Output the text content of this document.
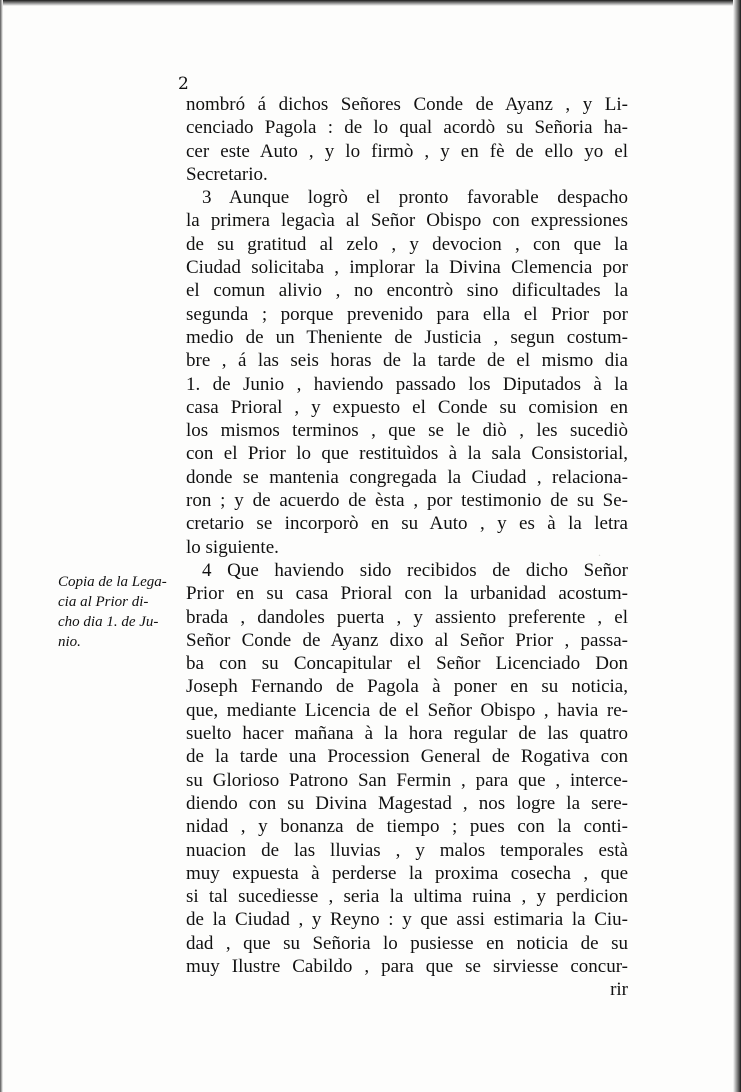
.
2
nombró á dichos Señores Conde de Ayanz , y Li-
cenciado Pagola : de lo qual acordò su Señoria ha-
cer este Auto , y lo firmò , y en fè de ello yo el
Secretario.
3 Aunque logrò el pronto favorable despacho
la primera legacìa al Señor Obispo con expressiones
de su gratitud al zelo , y devocion , con que la
Ciudad solicitaba , implorar la Divina Clemencia por
el comun alivio , no encontrò sino dificultades la
segunda ; porque prevenido para ella el Prior por
medio de un Theniente de Justicia , segun costum-
bre , á las seis horas de la tarde de el mismo dia
1. de Junio , haviendo passado los Diputados à la
casa Prioral , y expuesto el Conde su comision en
los mismos terminos , que se le diò , les sucediò
con el Prior lo que restituìdos à la sala Consistorial,
donde se mantenia congregada la Ciudad , relaciona-
ron ; y de acuerdo de èsta , por testimonio de su Se-
cretario se incorporò en su Auto , y es à la letra
lo siguiente.
4 Que haviendo sido recibidos de dicho Señor
Prior en su casa Prioral con la urbanidad acostum-
brada , dandoles puerta , y assiento preferente , el
Señor Conde de Ayanz dixo al Señor Prior , passa-
ba con su Concapitular el Señor Licenciado Don
Joseph Fernando de Pagola à poner en su noticia,
que, mediante Licencia de el Señor Obispo , havia re-
suelto hacer mañana à la hora regular de las quatro
de la tarde una Procession General de Rogativa con
su Glorioso Patrono San Fermin , para que , interce-
diendo con su Divina Magestad , nos logre la sere-
nidad , y bonanza de tiempo ; pues con la conti-
nuacion de las lluvias , y malos temporales està
muy expuesta à perderse la proxima cosecha , que
si tal sucediesse , seria la ultima ruina , y perdicion
de la Ciudad , y Reyno : y que assi estimaria la Ciu-
dad , que su Señoria lo pusiesse en noticia de su
muy Ilustre Cabildo , para que se sirviesse concur-
rir
Copia de la Lega-
cia al Prior di-
cho dia 1. de Ju-
nio.
